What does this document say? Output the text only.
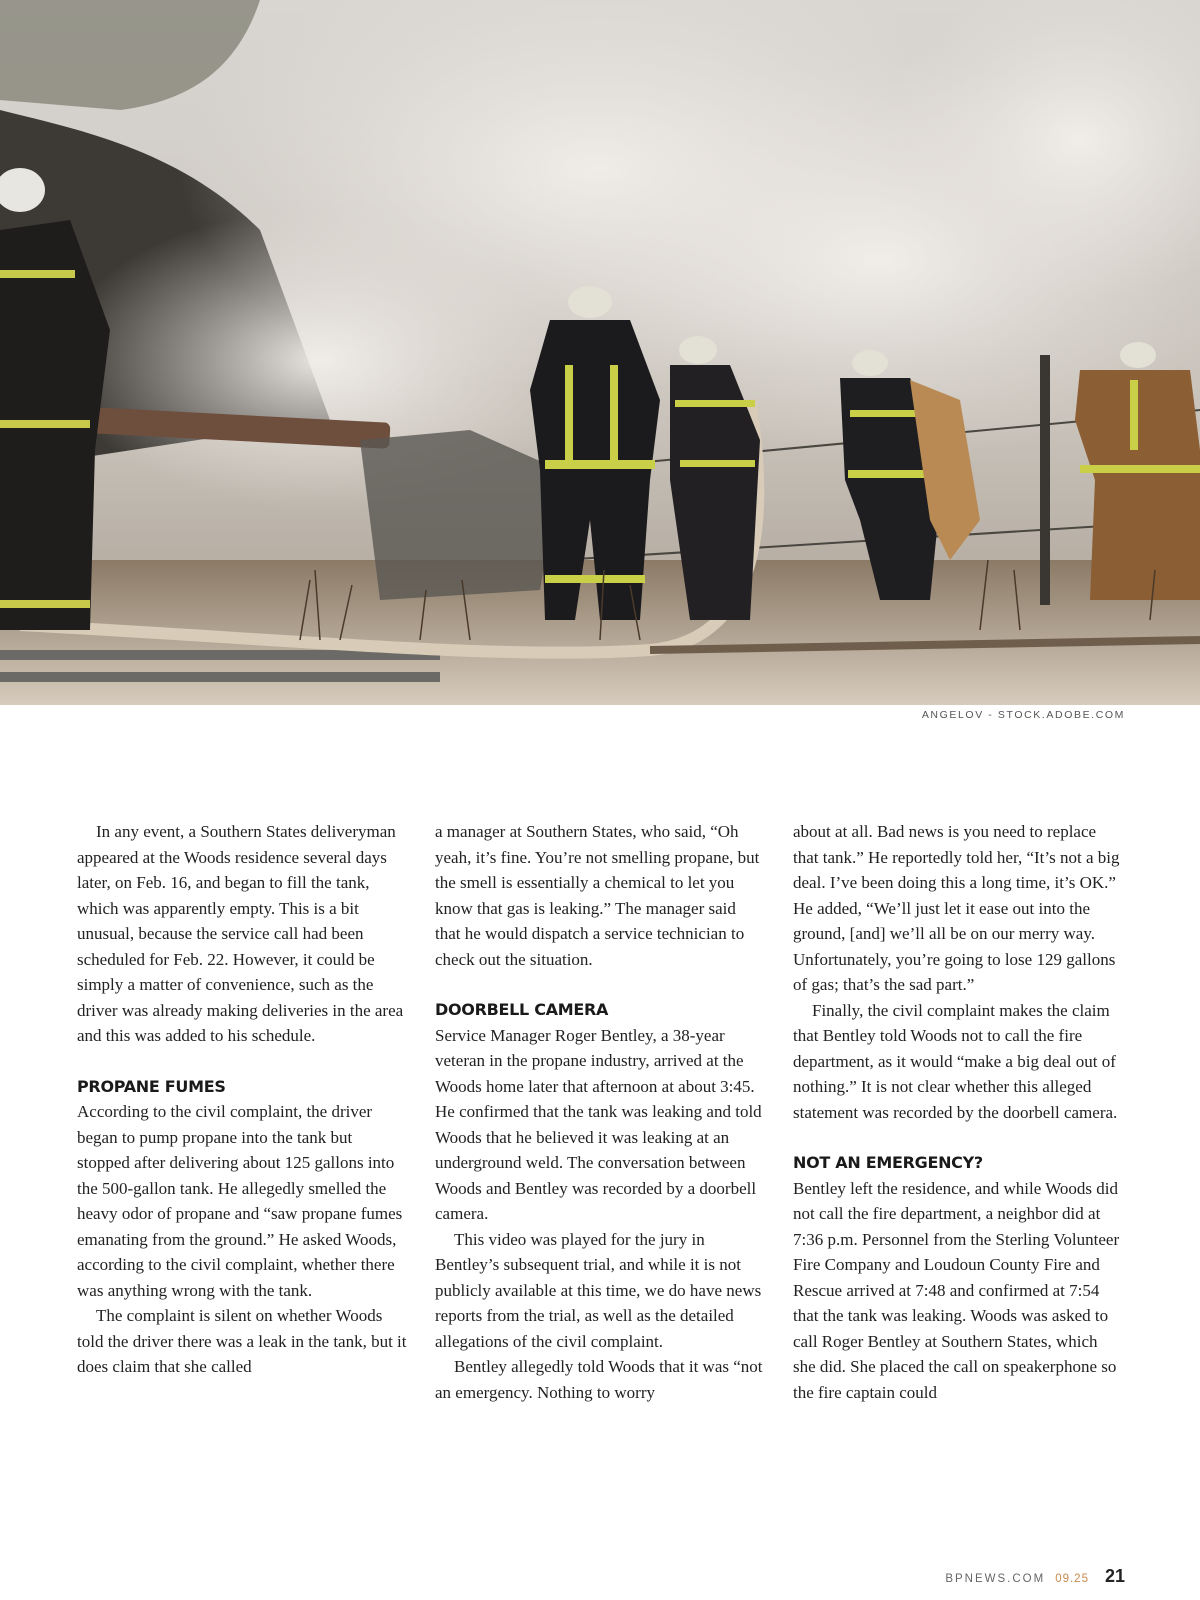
ANGELOV - STOCK.ADOBE.COM

In any event, a Southern States deliveryman appeared at the Woods residence several days later, on Feb. 16, and began to fill the tank, which was apparently empty. This is a bit unusual, because the service call had been scheduled for Feb. 22. However, it could be simply a matter of convenience, such as the driver was already making deliveries in the area and this was added to his schedule.

PROPANE FUMES

According to the civil complaint, the driver began to pump propane into the tank but stopped after delivering about 125 gallons into the 500-gallon tank. He allegedly smelled the heavy odor of propane and “saw propane fumes emanating from the ground.” He asked Woods, according to the civil complaint, whether there was anything wrong with the tank.

The complaint is silent on whether Woods told the driver there was a leak in the tank, but it does claim that she called

a manager at Southern States, who said, “Oh yeah, it’s fine. You’re not smelling propane, but the smell is essentially a chemical to let you know that gas is leaking.” The manager said that he would dispatch a service technician to check out the situation.

DOORBELL CAMERA

Service Manager Roger Bentley, a 38-year veteran in the propane industry, arrived at the Woods home later that afternoon at about 3:45. He confirmed that the tank was leaking and told Woods that he believed it was leaking at an underground weld. The conversation between Woods and Bentley was recorded by a doorbell camera.

This video was played for the jury in Bentley’s subsequent trial, and while it is not publicly available at this time, we do have news reports from the trial, as well as the detailed allegations of the civil complaint.

Bentley allegedly told Woods that it was “not an emergency. Nothing to worry

about at all. Bad news is you need to replace that tank.” He reportedly told her, “It’s not a big deal. I’ve been doing this a long time, it’s OK.” He added, “We’ll just let it ease out into the ground, [and] we’ll all be on our merry way. Unfortunately, you’re going to lose 129 gallons of gas; that’s the sad part.”

Finally, the civil complaint makes the claim that Bentley told Woods not to call the fire department, as it would “make a big deal out of nothing.” It is not clear whether this alleged statement was recorded by the doorbell camera.

NOT AN EMERGENCY?

Bentley left the residence, and while Woods did not call the fire department, a neighbor did at 7:36 p.m. Personnel from the Sterling Volunteer Fire Company and Loudoun County Fire and Rescue arrived at 7:48 and confirmed at 7:54 that the tank was leaking. Woods was asked to call Roger Bentley at Southern States, which she did. She placed the call on speakerphone so the fire captain could

BPNEWS.COM 09.25 21
